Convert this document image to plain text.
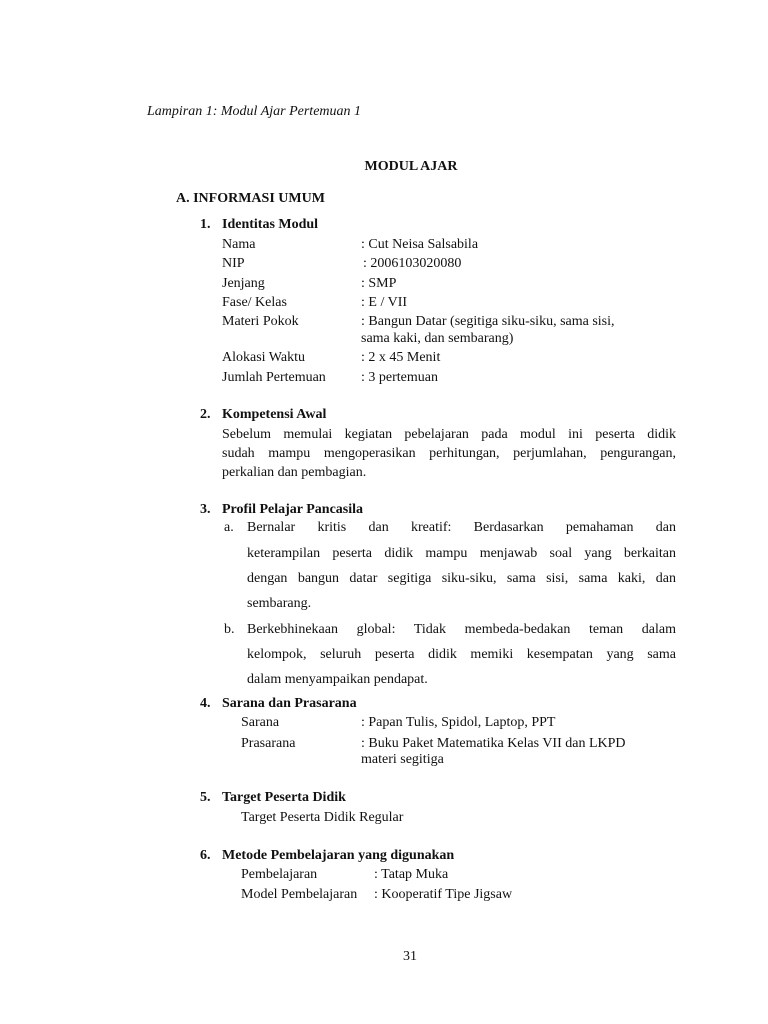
Lampiran 1: Modul Ajar Pertemuan 1
MODUL AJAR
A. INFORMASI UMUM
1. Identitas Modul
Nama	: Cut Neisa Salsabila
NIP	: 2006103020080
Jenjang	: SMP
Fase/ Kelas	: E / VII
Materi Pokok	: Bangun Datar (segitiga siku-siku, sama sisi,
sama kaki, dan sembarang)
Alokasi Waktu	: 2 x 45 Menit
Jumlah Pertemuan	: 3 pertemuan
2. Kompetensi Awal
Sebelum memulai kegiatan pebelajaran pada modul ini peserta didik
sudah mampu mengoperasikan perhitungan, perjumlahan, pengurangan,
perkalian dan pembagian.
3. Profil Pelajar Pancasila
a. Bernalar kritis dan kreatif: Berdasarkan pemahaman dan
keterampilan peserta didik mampu menjawab soal yang berkaitan
dengan bangun datar segitiga siku-siku, sama sisi, sama kaki, dan
sembarang.
b. Berkebhinekaan global: Tidak membeda-bedakan teman dalam
kelompok, seluruh peserta didik memiki kesempatan yang sama
dalam menyampaikan pendapat.
4. Sarana dan Prasarana
Sarana	: Papan Tulis, Spidol, Laptop, PPT
Prasarana	: Buku Paket Matematika Kelas VII dan LKPD
materi segitiga
5. Target Peserta Didik
Target Peserta Didik Regular
6. Metode Pembelajaran yang digunakan
Pembelajaran	: Tatap Muka
Model Pembelajaran : Kooperatif Tipe Jigsaw
31
